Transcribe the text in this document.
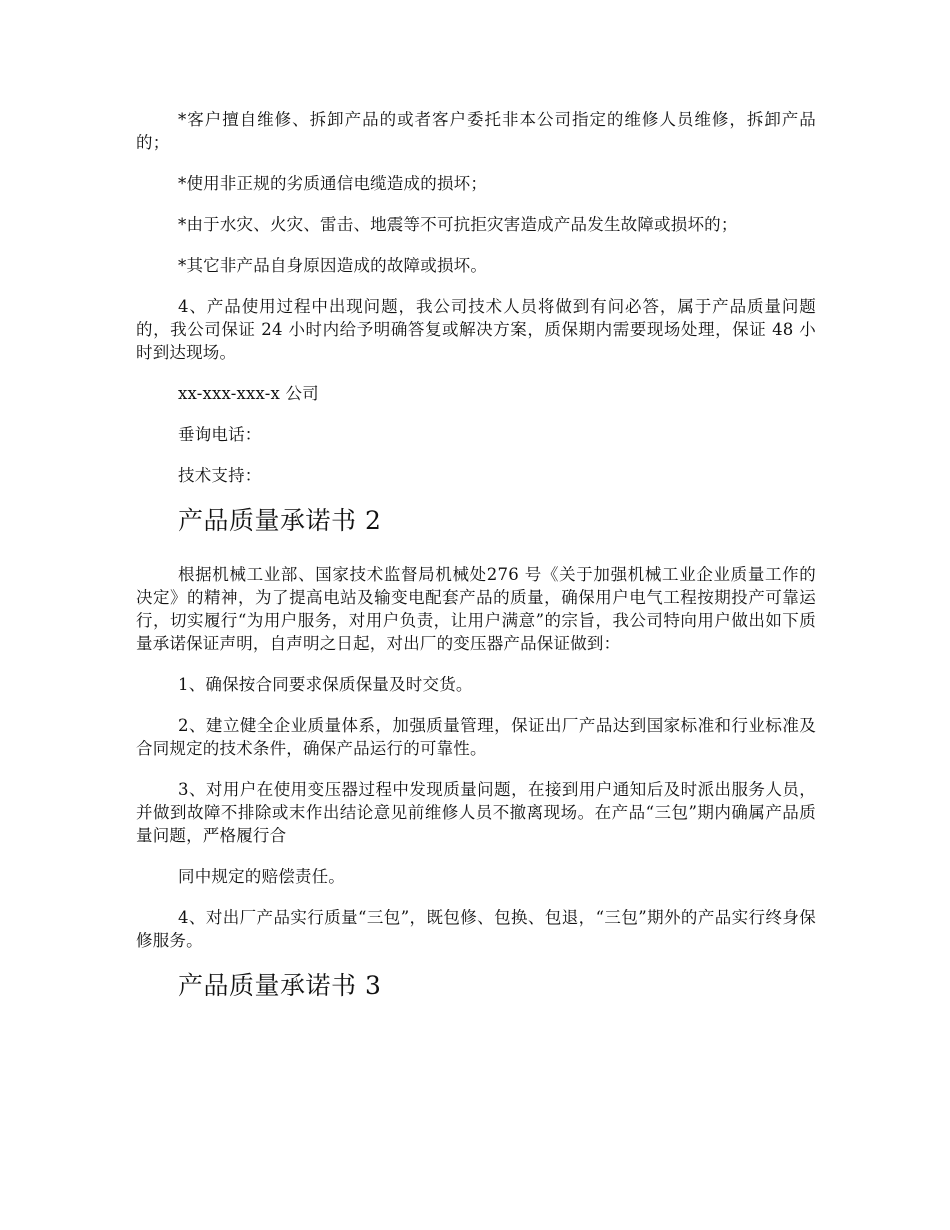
*客户擅自维修、拆卸产品的或者客户委托非本公司指定的维修人员维修，拆卸产品的；

*使用非正规的劣质通信电缆造成的损坏；

*由于水灾、火灾、雷击、地震等不可抗拒灾害造成产品发生故障或损坏的；

*其它非产品自身原因造成的故障或损坏。

4、产品使用过程中出现问题，我公司技术人员将做到有问必答，属于产品质量问题的，我公司保证 24 小时内给予明确答复或解决方案，质保期内需要现场处理，保证 48 小时到达现场。

xx-xxx-xxx-x 公司

垂询电话：

技术支持：

产品质量承诺书 2

根据机械工业部、国家技术监督局机械处276 号《关于加强机械工业企业质量工作的决定》的精神，为了提高电站及输变电配套产品的质量，确保用户电气工程按期投产可靠运行，切实履行“为用户服务，对用户负责，让用户满意”的宗旨，我公司特向用户做出如下质量承诺保证声明，自声明之日起，对出厂的变压器产品保证做到：

1、确保按合同要求保质保量及时交货。

2、建立健全企业质量体系，加强质量管理，保证出厂产品达到国家标准和行业标准及合同规定的技术条件，确保产品运行的可靠性。

3、对用户在使用变压器过程中发现质量问题，在接到用户通知后及时派出服务人员，并做到故障不排除或末作出结论意见前维修人员不撤离现场。在产品“三包”期内确属产品质量问题，严格履行合

同中规定的赔偿责任。

4、对出厂产品实行质量“三包”，既包修、包换、包退，“三包”期外的产品实行终身保修服务。

产品质量承诺书 3
